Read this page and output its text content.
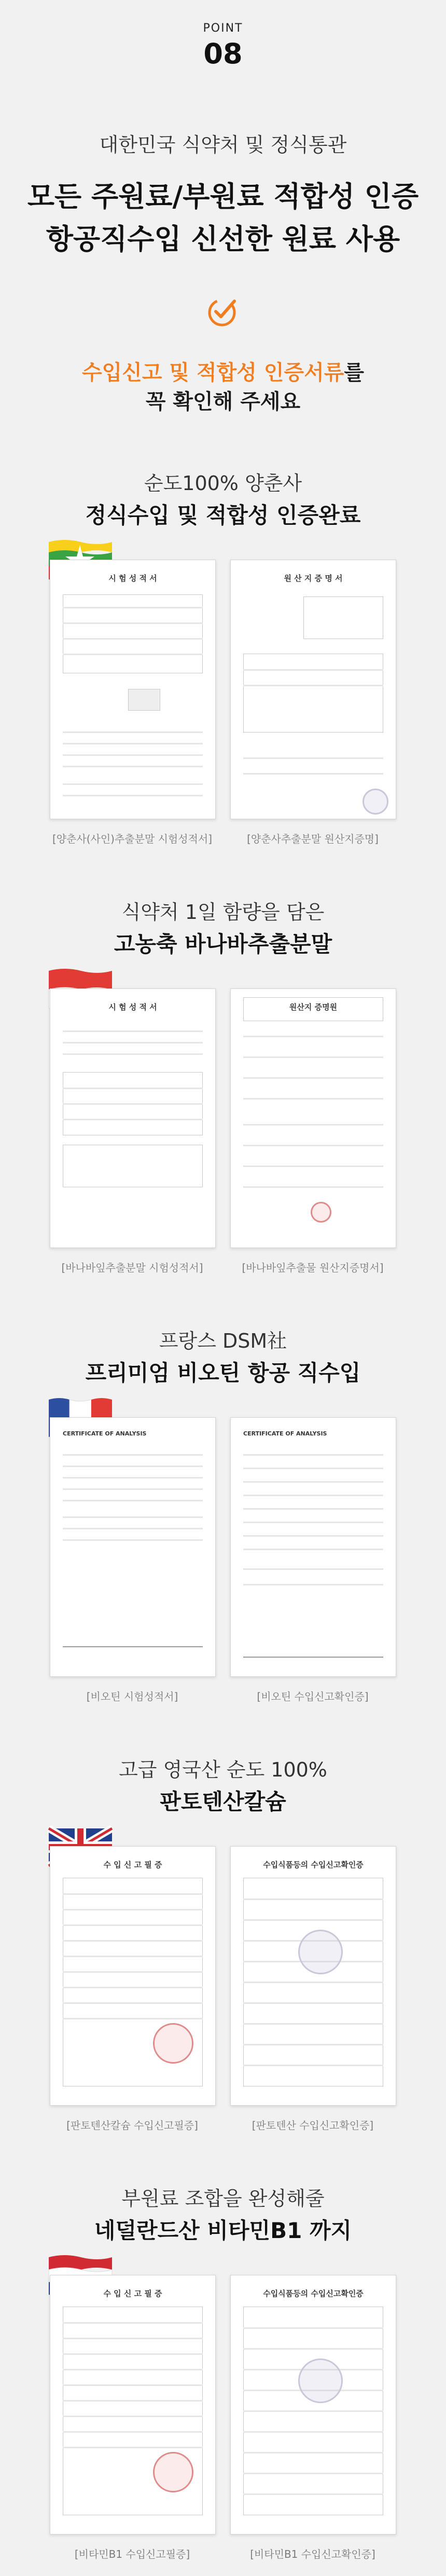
POINT
08
대한민국 식약처 및 정식통관
모든 주원료/부원료 적합성 인증
항공직수입 신선한 원료 사용
수입신고 및 적합성 인증서류를
꼭 확인해 주세요
순도100% 양춘사
정식수입 및 적합성 인증완료
시 험 성 적 서	원 산 지 증 명 서
[양춘사(사인)추출분말 시험성적서]	[양춘사추출분말 원산지증명]
식약처 1일 함량을 담은
고농축 바나바추출분말
시 험 성 적 서	원산지 증명원
[바나바잎추출분말 시험성적서]	[바나바잎추출물 원산지증명서]
프랑스 DSM社
프리미엄 비오틴 항공 직수입
CERTIFICATE OF ANALYSIS	CERTIFICATE OF ANALYSIS
[비오틴 시험성적서]	[비오틴 수입신고확인증]
고급 영국산 순도 100%
판토텐산칼슘
수 입 신 고 필 증	수입식품등의 수입신고확인증
[판토텐산칼슘 수입신고필증]	[판토텐산 수입신고확인증]
부원료 조합을 완성해줄
네덜란드산 비타민B1 까지
수 입 신 고 필 증	수입식품등의 수입신고확인증
[비타민B1 수입신고필증]	[비타민B1 수입신고확인증]
